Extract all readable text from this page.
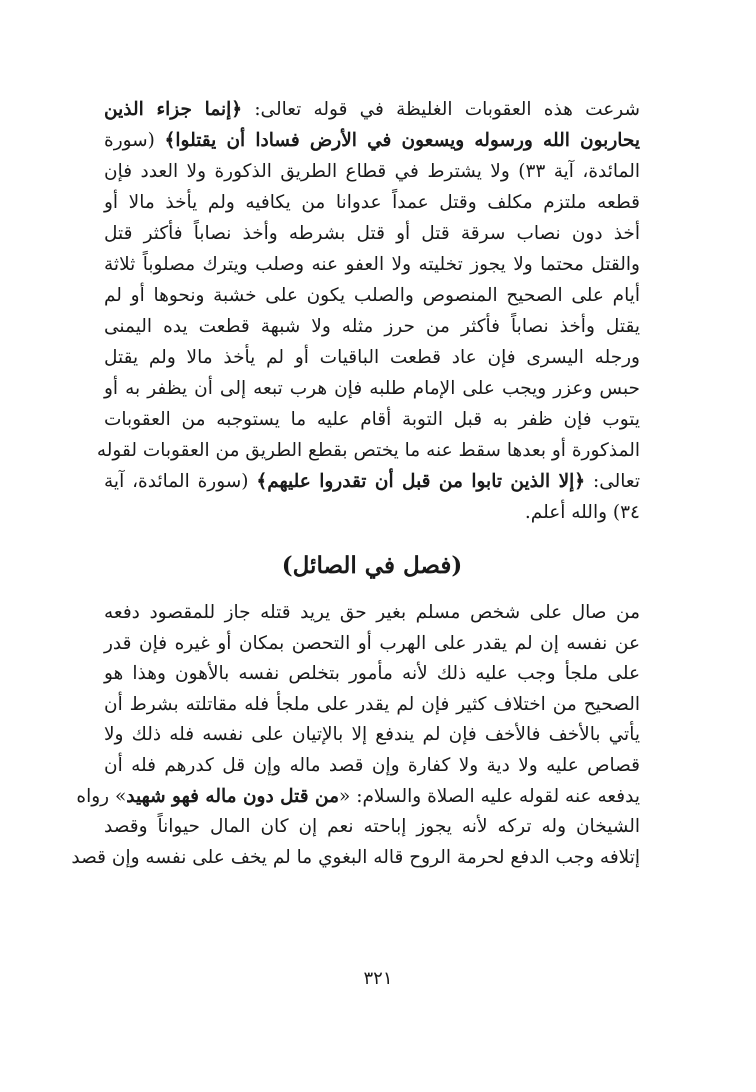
شرعت هذه العقوبات الغليظة في قوله تعالى: ﴿إنما جزاء الذين
يحاربون الله ورسوله ويسعون في الأرض فسادا أن يقتلوا﴾ (سورة
المائدة، آية ٣٣) ولا يشترط في قطاع الطريق الذكورة ولا العدد فإن
قطعه ملتزم مكلف وقتل عمداً عدوانا من يكافيه ولم يأخذ مالا أو
أخذ دون نصاب سرقة قتل أو قتل بشرطه وأخذ نصاباً فأكثر قتل
والقتل محتما ولا يجوز تخليته ولا العفو عنه وصلب ويترك مصلوباً ثلاثة
أيام على الصحيح المنصوص والصلب يكون على خشبة ونحوها أو لم
يقتل وأخذ نصاباً فأكثر من حرز مثله ولا شبهة قطعت يده اليمنى
ورجله اليسرى فإن عاد قطعت الباقيات أو لم يأخذ مالا ولم يقتل
حبس وعزر ويجب على الإمام طلبه فإن هرب تبعه إلى أن يظفر به أو
يتوب فإن ظفر به قبل التوبة أقام عليه ما يستوجبه من العقوبات
المذكورة أو بعدها سقط عنه ما يختص بقطع الطريق من العقوبات لقوله
تعالى: ﴿إلا الذين تابوا من قبل أن تقدروا عليهم﴾ (سورة المائدة، آية
٣٤) والله أعلم.
(فصل في الصائل)
من صال على شخص مسلم بغير حق يريد قتله جاز للمقصود دفعه
عن نفسه إن لم يقدر على الهرب أو التحصن بمكان أو غيره فإن قدر
على ملجأ وجب عليه ذلك لأنه مأمور بتخلص نفسه بالأهون وهذا هو
الصحيح من اختلاف كثير فإن لم يقدر على ملجأ فله مقاتلته بشرط أن
يأتي بالأخف فالأخف فإن لم يندفع إلا بالإتيان على نفسه فله ذلك ولا
قصاص عليه ولا دية ولا كفارة وإن قصد ماله وإن قل كدرهم فله أن
يدفعه عنه لقوله عليه الصلاة والسلام: «من قتل دون ماله فهو شهيد» رواه
الشيخان وله تركه لأنه يجوز إباحته نعم إن كان المال حيواناً وقصد
إتلافه وجب الدفع لحرمة الروح قاله البغوي ما لم يخف على نفسه وإن قصد
٣٢١
